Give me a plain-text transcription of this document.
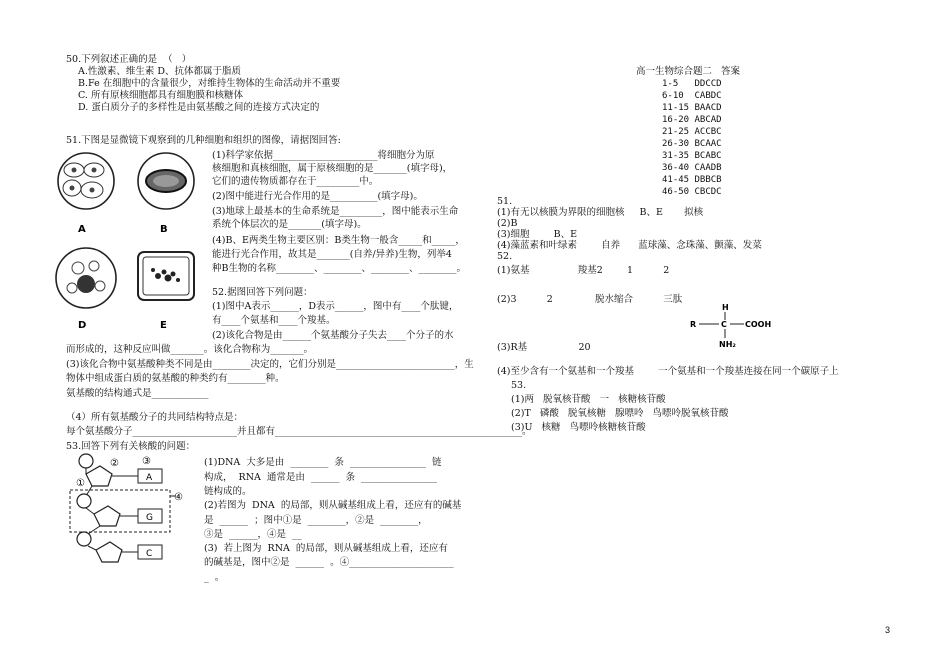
50.下列叙述正确的是  （   ）
A.性激素、维生素 D、抗体都属于脂质
B.Fe 在细胞中的含量很少，对维持生物体的生命活动并不重要
C. 所有原核细胞都具有细胞膜和核糖体
D. 蛋白质分子的多样性是由氨基酸之间的连接方式决定的
51.下图是显微镜下观察到的几种细胞和组织的图像，请据图回答:
A	B
D	E
(1)科学家依据______________________将细胞分为原
核细胞和真核细胞，属于原核细胞的是_______(填字母)，
它们的遗传物质都存在于_________中。
(2)图中能进行光合作用的是__________(填字母)。
(3)地球上最基本的生命系统是_________，图中能表示生命
系统个体层次的是_______(填字母)。
(4)B、E两类生物主要区别：B类生物一般含_____和_____，
能进行光合作用，故其是_______(自养/异养)生物，列举4
种B生物的名称________、________、________、________。
52.据图回答下列问题：
(1)图中A表示______，D表示______，图中有____个肽键，
有____个氨基和____个羧基。
(2)该化合物是由______个氨基酸分子失去____个分子的水
而形成的，这种反应叫做_______。该化合物称为_______。
(3)该化合物中氨基酸种类不同是由________决定的，它们分别是_________________________，生
物体中组成蛋白质的氨基酸的种类约有________种。
氨基酸的结构通式是____________
（4）所有氨基酸分子的共同结构特点是：
每个氨基酸分子______________________并且都有____________________________________________________。
53.回答下列有关核酸的问题：
①
② ③
④
A
G
C
(1)DNA  大多是由  ________  条  ________________  链
构成，  RNA  通常是由  ______  条  ________________
链构成的。
(2)若图为  DNA  的局部，则从碱基组成上看，还应有的碱基
是  ______  ；图中①是  ________，②是  ________，
③是  ______，④是  __
(3)  若上图为  RNA  的局部，则从碱基组成上看，还应有
的碱基是，图中②是  ______  。④______________________
_  。
高一生物综合题二   答案
1-5   DDCCD
6-10  CABDC
11-15 BAACD
16-20 ABCAD
21-25 ACCBC
26-30 BCAAC
31-35 BCABC
36-40 CAADB
41-45 DBBCB
46-50 CBCDC
51.
(1)有无以核膜为界限的细胞核     B、E       拟核
(2)B
(3)细胞        B、E
(4)藻蓝素和叶绿素        自养      蓝球藻、念珠藻、颤藻、发菜
52.
(1)氨基                羧基2        1          2
(2)3          2              脱水缩合          三肽
H
R	C COOH
NH₂
(3)R基                 20
(4)至少含有一个氨基和一个羧基        一个氨基和一个羧基连接在同一个碳原子上
53.
(1)两   脱氧核苷酸   一   核糖核苷酸
(2)T   磷酸   脱氧核糖   腺嘌呤   鸟嘌呤脱氧核苷酸
(3)U   核糖   鸟嘌呤核糖核苷酸
3
